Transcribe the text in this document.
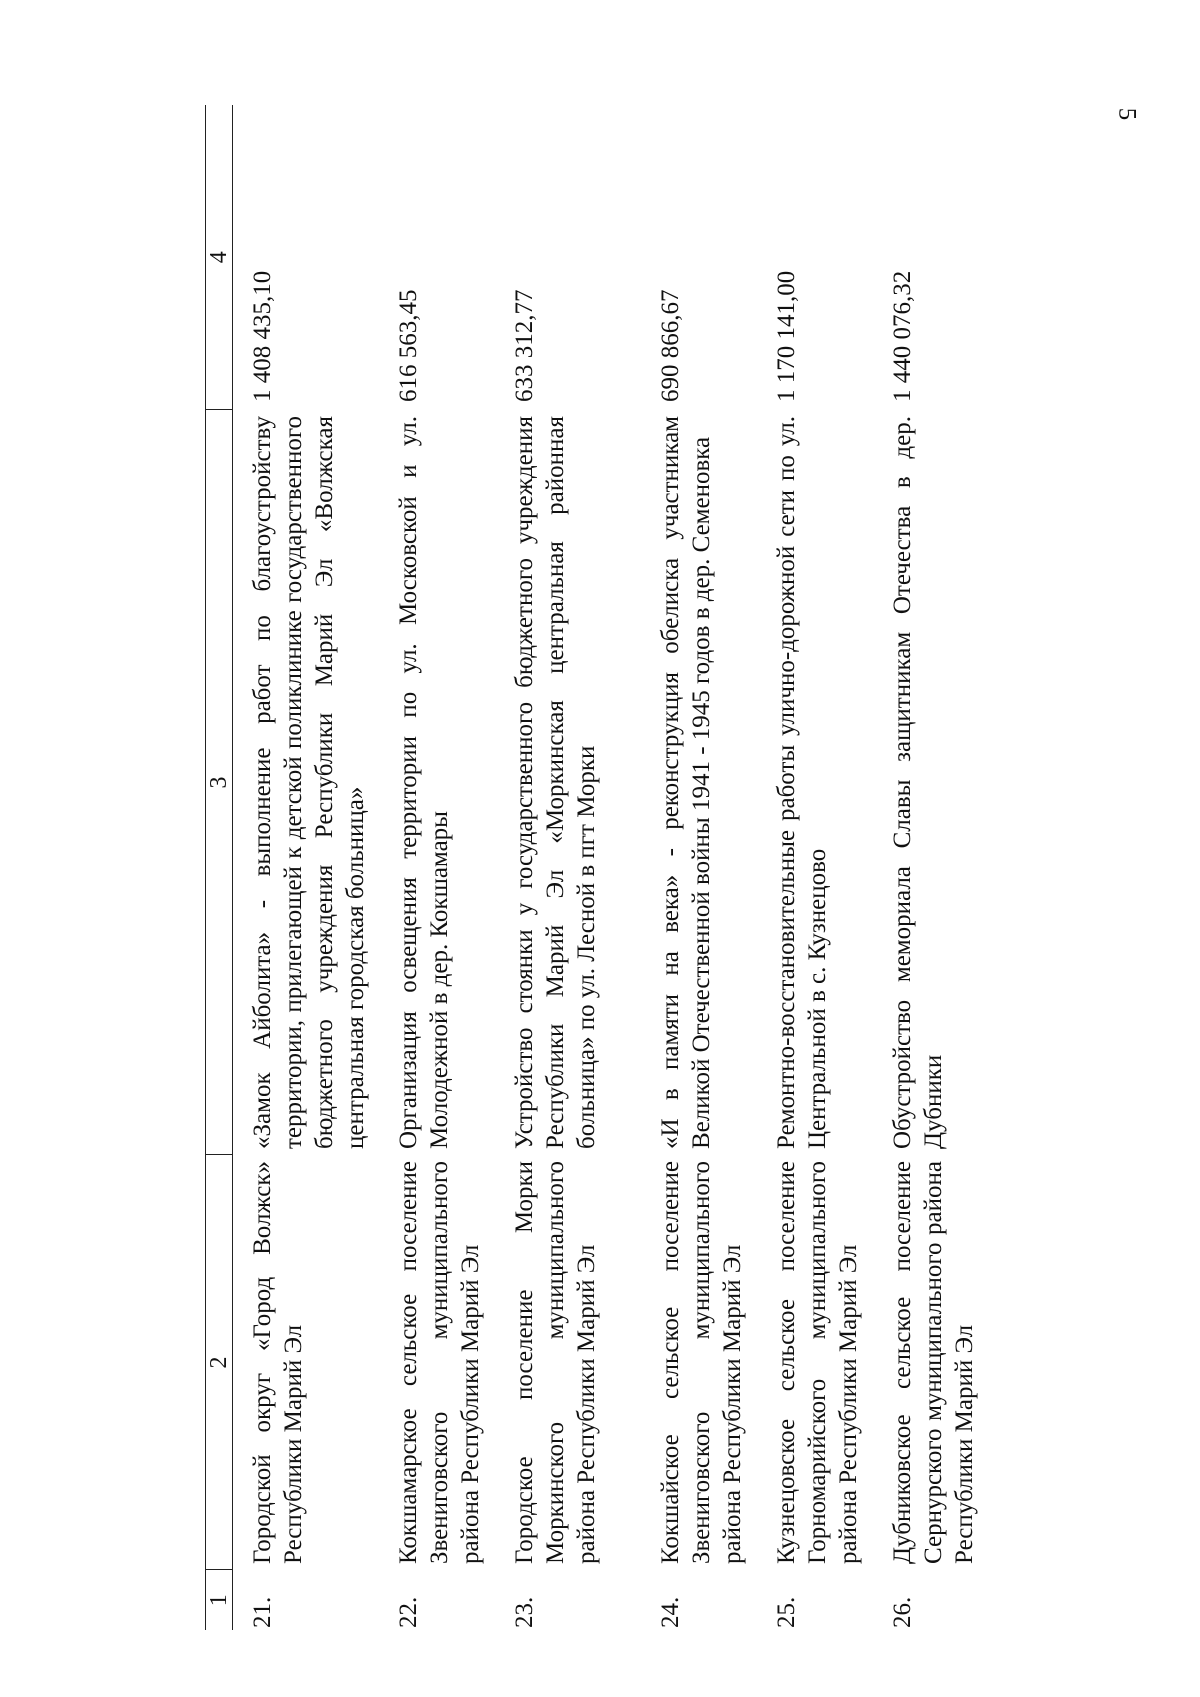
5
1	2	3	4
21.	Городской округ «Город Волжск» Республики Марий Эл	«Замок Айболита» - выполнение работ по благоустройству территории, прилегающей к детской поликлинике государственного бюджетного учреждения Республики Марий Эл «Волжская центральная городская больница»	1 408 435,10
22.	Кокшамарское сельское поселение Звениговского муниципального района Республики Марий Эл	Организация освещения территории по ул. Московской и ул. Молодежной в дер. Кокшамары	616 563,45
23.	Городское поселение Морки Моркинского муниципального района Республики Марий Эл	Устройство стоянки у государственного бюджетного учреждения Республики Марий Эл «Моркинская центральная районная больница» по ул. Лесной в пгт Морки	633 312,77
24.	Кокшайское сельское поселение Звениговского муниципального района Республики Марий Эл	«И в памяти на века» - реконструкция обелиска участникам Великой Отечественной войны 1941 - 1945 годов в дер. Семеновка	690 866,67
25.	Кузнецовское сельское поселение Горномарийского муниципального района Республики Марий Эл	Ремонтно-восстановительные работы улично-дорожной сети по ул. Центральной в с. Кузнецово	1 170 141,00
26.	Дубниковское сельское поселение Сернурского муниципального района Республики Марий Эл	Обустройство мемориала Славы защитникам Отечества в дер. Дубники	1 440 076,32
